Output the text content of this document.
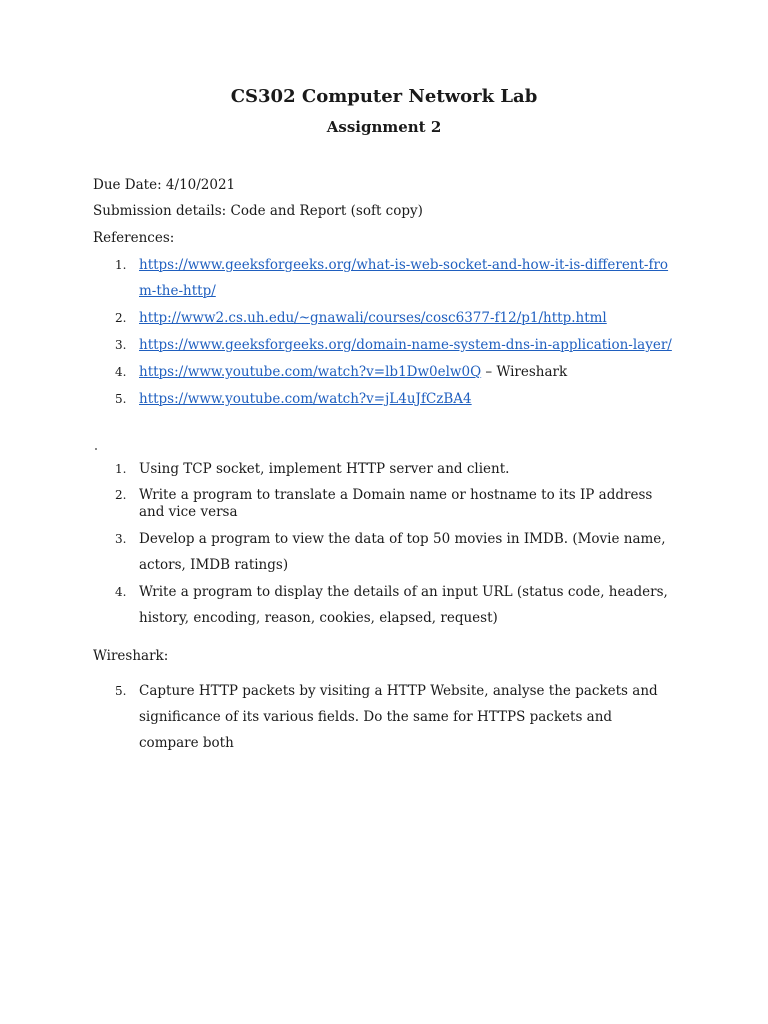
CS302 Computer Network Lab
Assignment 2
Due Date: 4/10/2021
Submission details: Code and Report (soft copy)
References:
1. https://www.geeksforgeeks.org/what-is-web-socket-and-how-it-is-different-from-the-http/
2. http://www2.cs.uh.edu/~gnawali/courses/cosc6377-f12/p1/http.html
3. https://www.geeksforgeeks.org/domain-name-system-dns-in-application-layer/
4. https://www.youtube.com/watch?v=lb1Dw0elw0Q – Wireshark
5. https://www.youtube.com/watch?v=jL4uJfCzBA4
1. Using TCP socket, implement HTTP server and client.
2. Write a program to translate a Domain name or hostname to its IP address and vice versa
3. Develop a program to view the data of top 50 movies in IMDB. (Movie name, actors, IMDB ratings)
4. Write a program to display the details of an input URL (status code, headers, history, encoding, reason, cookies, elapsed, request)
Wireshark:
5. Capture HTTP packets by visiting a HTTP Website, analyse the packets and significance of its various fields. Do the same for HTTPS packets and compare both
